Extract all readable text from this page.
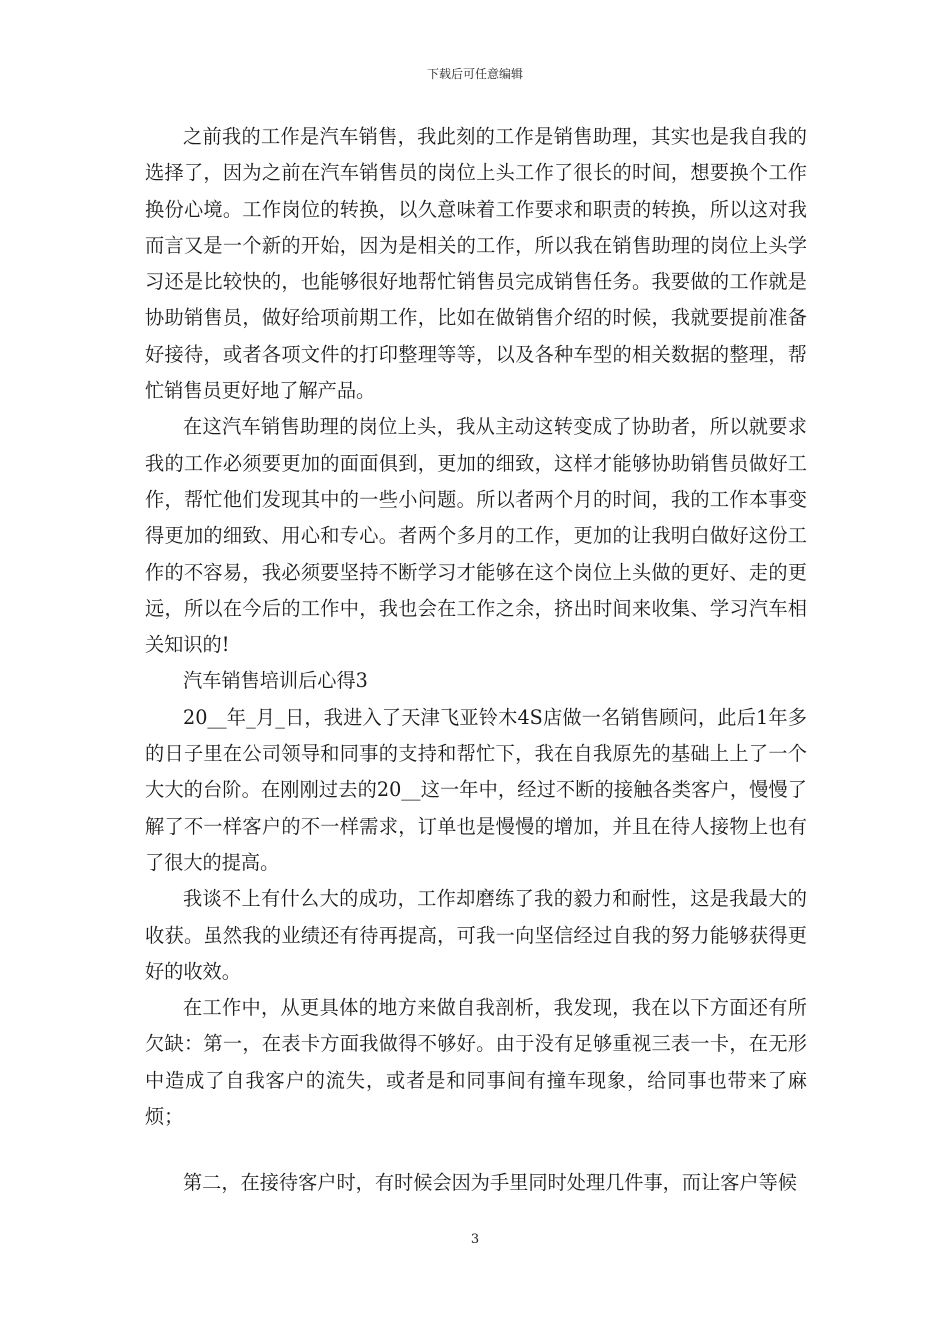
下载后可任意编辑

之前我的工作是汽车销售，我此刻的工作是销售助理，其实也是我自我的选择了，因为之前在汽车销售员的岗位上头工作了很长的时间，想要换个工作换份心境。工作岗位的转换，以久意味着工作要求和职责的转换，所以这对我而言又是一个新的开始，因为是相关的工作，所以我在销售助理的岗位上头学习还是比较快的，也能够很好地帮忙销售员完成销售任务。我要做的工作就是协助销售员，做好给项前期工作，比如在做销售介绍的时候，我就要提前准备好接待，或者各项文件的打印整理等等，以及各种车型的相关数据的整理，帮忙销售员更好地了解产品。

在这汽车销售助理的岗位上头，我从主动这转变成了协助者，所以就要求我的工作必须要更加的面面俱到，更加的细致，这样才能够协助销售员做好工作，帮忙他们发现其中的一些小问题。所以者两个月的时间，我的工作本事变得更加的细致、用心和专心。者两个多月的工作，更加的让我明白做好这份工作的不容易，我必须要坚持不断学习才能够在这个岗位上头做的更好、走的更远，所以在今后的工作中，我也会在工作之余，挤出时间来收集、学习汽车相关知识的!

汽车销售培训后心得3

20__年_月_日，我进入了天津飞亚铃木4S店做一名销售顾问，此后1年多的日子里在公司领导和同事的支持和帮忙下，我在自我原先的基础上上了一个大大的台阶。在刚刚过去的20__这一年中，经过不断的接触各类客户，慢慢了解了不一样客户的不一样需求，订单也是慢慢的增加，并且在待人接物上也有了很大的提高。

我谈不上有什么大的成功，工作却磨练了我的毅力和耐性，这是我最大的收获。虽然我的业绩还有待再提高，可我一向坚信经过自我的努力能够获得更好的收效。

在工作中，从更具体的地方来做自我剖析，我发现，我在以下方面还有所欠缺：第一，在表卡方面我做得不够好。由于没有足够重视三表一卡，在无形中造成了自我客户的流失，或者是和同事间有撞车现象，给同事也带来了麻烦；

第二，在接待客户时，有时候会因为手里同时处理几件事，而让客户等候

3
